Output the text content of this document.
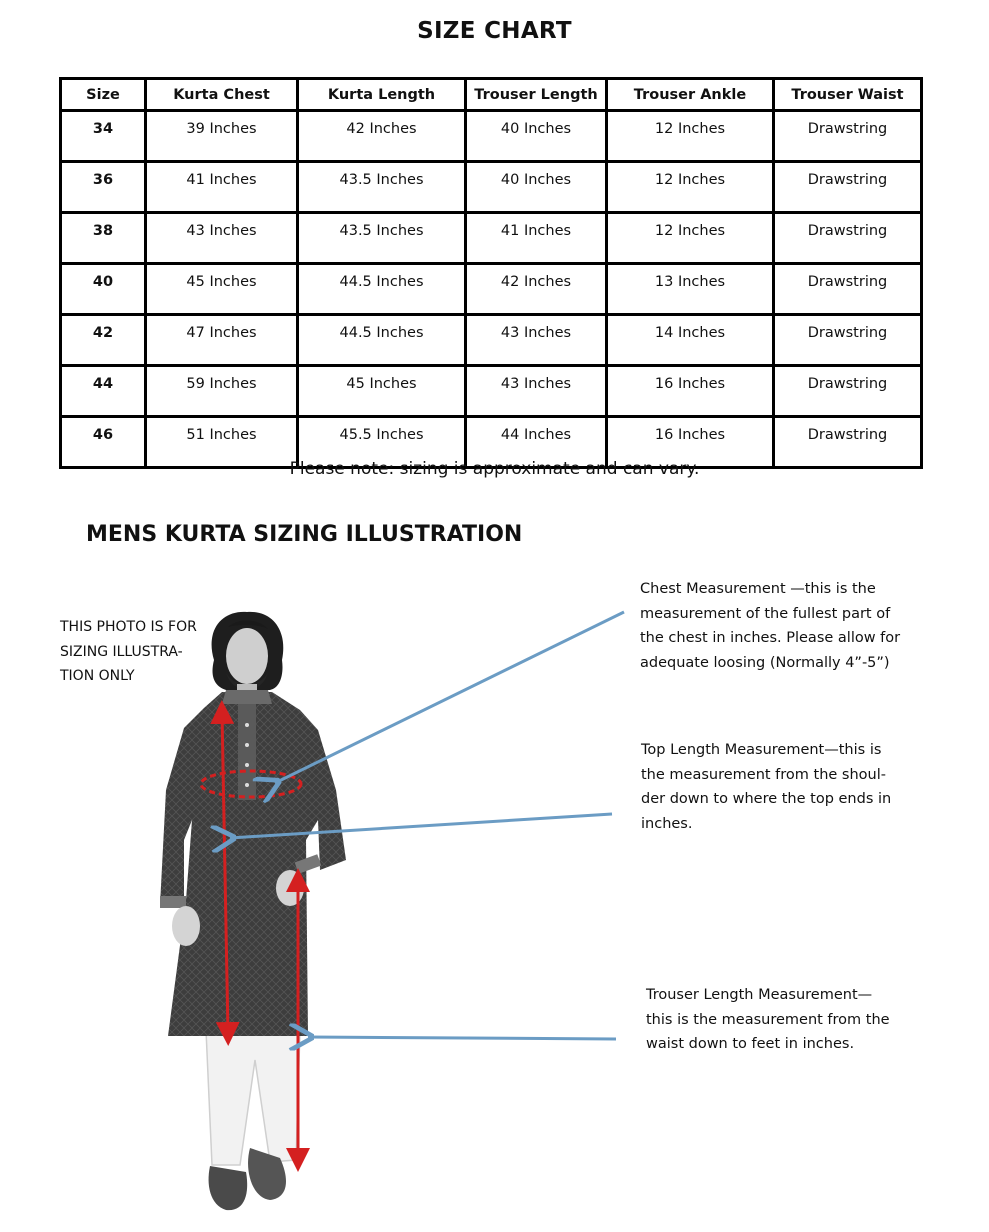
SIZE CHART
Size	Kurta Chest	Kurta Length	Trouser Length	Trouser Ankle	Trouser Waist
34	39 Inches	42 Inches	40 Inches	12 Inches	Drawstring
36	41 Inches	43.5 Inches	40 Inches	12 Inches	Drawstring
38	43 Inches	43.5 Inches	41 Inches	12 Inches	Drawstring
40	45 Inches	44.5 Inches	42 Inches	13 Inches	Drawstring
42	47 Inches	44.5 Inches	43 Inches	14 Inches	Drawstring
44	59 Inches	45 Inches	43 Inches	16 Inches	Drawstring
46	51 Inches	45.5 Inches	44 Inches	16 Inches	Drawstring
Please note: sizing is approximate and can vary.
MENS KURTA SIZING ILLUSTRATION
THIS PHOTO IS FOR
SIZING ILLUSTRA-
TION ONLY
Chest Measurement —this is the
measurement of the fullest part of
the chest in inches. Please allow for
adequate loosing (Normally 4”-5”)
Top Length Measurement—this is
the measurement from the shoul-
der down to where the top ends in
inches.
Trouser Length Measurement—
this is the measurement from the
waist down to feet in inches.
